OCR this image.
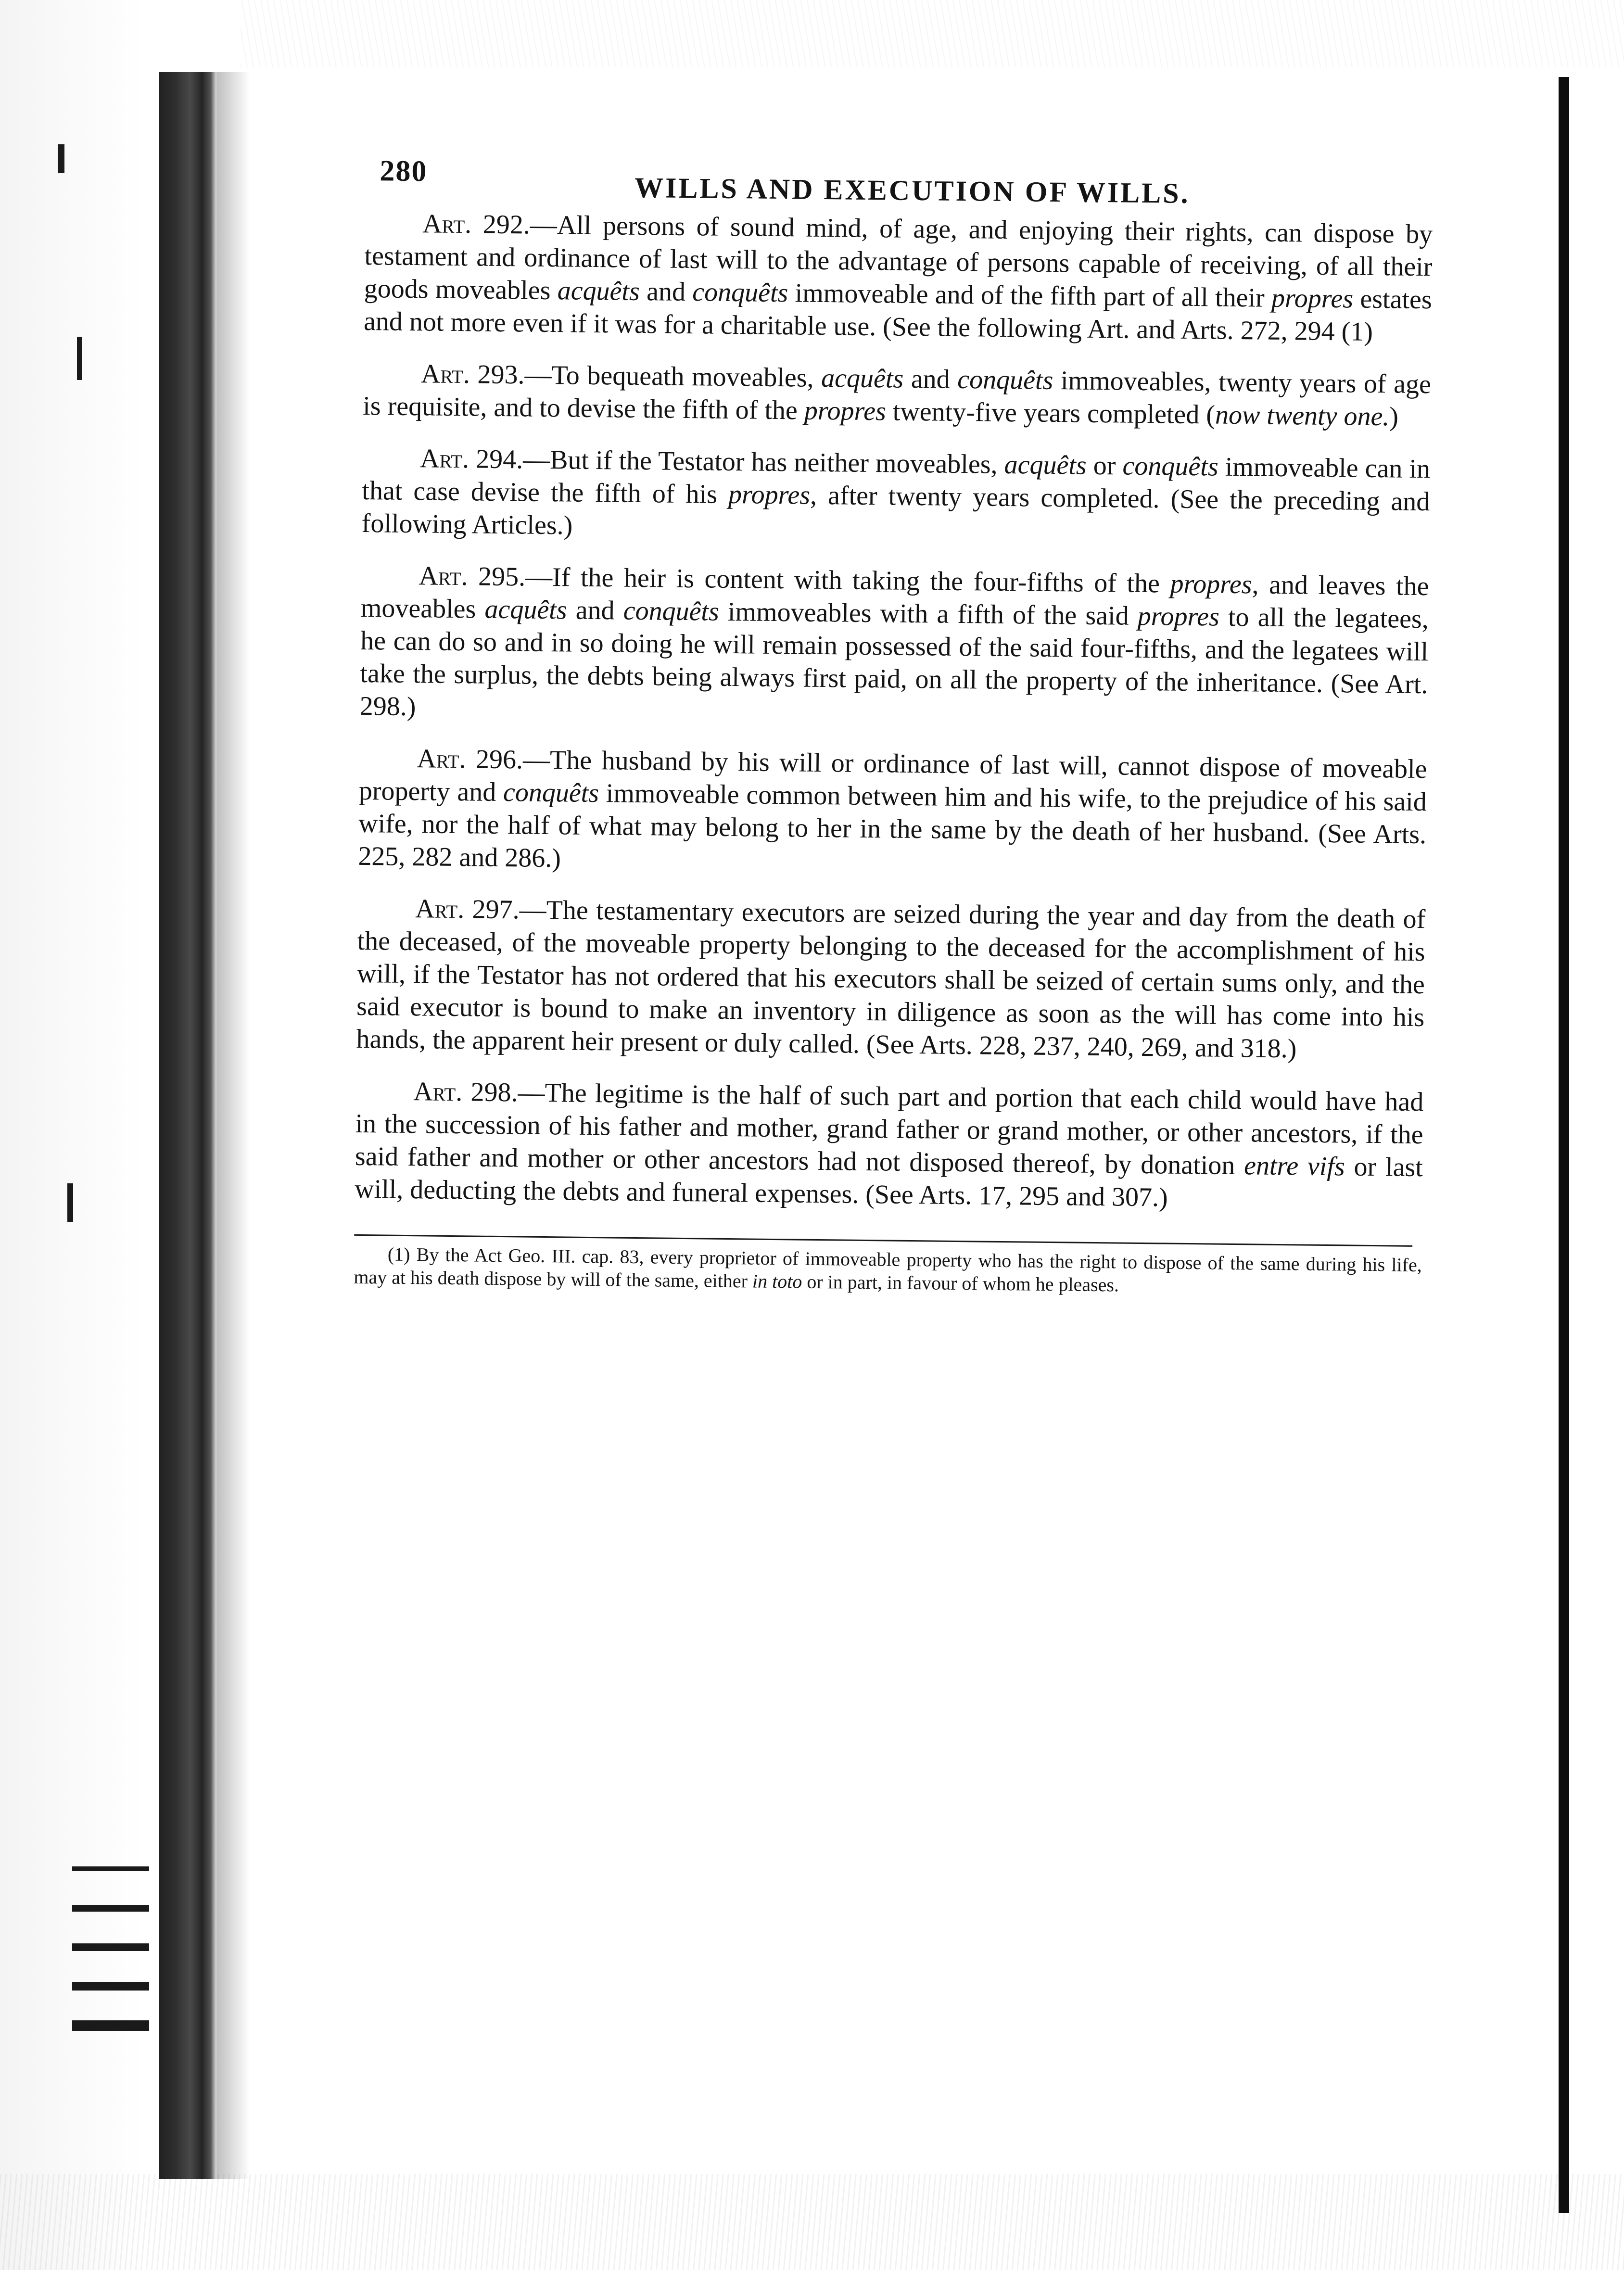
280
WILLS AND EXECUTION OF WILLS.

Art. 292.—All persons of sound mind, of age, and enjoying their rights, can dispose by testament and ordinance of last will to the advantage of persons capable of receiving, of all their goods moveables acquêts and conquêts immoveable and of the fifth part of all their propres estates and not more even if it was for a charitable use. (See the following Art. and Arts. 272, 294 (1)

Art. 293.—To bequeath moveables, acquêts and conquêts immoveables, twenty years of age is requisite, and to devise the fifth of the propres twenty-five years completed (now twenty one.)

Art. 294.—But if the Testator has neither moveables, acquêts or conquêts immoveable can in that case devise the fifth of his propres, after twenty years completed. (See the preceding and following Articles.)

Art. 295.—If the heir is content with taking the four-fifths of the propres, and leaves the moveables acquêts and conquêts immoveables with a fifth of the said propres to all the legatees, he can do so and in so doing he will remain possessed of the said four-fifths, and the legatees will take the surplus, the debts being always first paid, on all the property of the inheritance. (See Art. 298.)

Art. 296.—The husband by his will or ordinance of last will, cannot dispose of moveable property and conquêts immoveable common between him and his wife, to the prejudice of his said wife, nor the half of what may belong to her in the same by the death of her husband. (See Arts. 225, 282 and 286.)

Art. 297.—The testamentary executors are seized during the year and day from the death of the deceased, of the moveable property belonging to the deceased for the accomplishment of his will, if the Testator has not ordered that his executors shall be seized of certain sums only, and the said executor is bound to make an inventory in diligence as soon as the will has come into his hands, the apparent heir present or duly called. (See Arts. 228, 237, 240, 269, and 318.)

Art. 298.—The legitime is the half of such part and portion that each child would have had in the succession of his father and mother, grand father or grand mother, or other ancestors, if the said father and mother or other ancestors had not disposed thereof, by donation entre vifs or last will, deducting the debts and funeral expenses. (See Arts. 17, 295 and 307.)

(1) By the Act Geo. III. cap. 83, every proprietor of immoveable property who has the right to dispose of the same during his life, may at his death dispose by will of the same, either in toto or in part, in favour of whom he pleases.
